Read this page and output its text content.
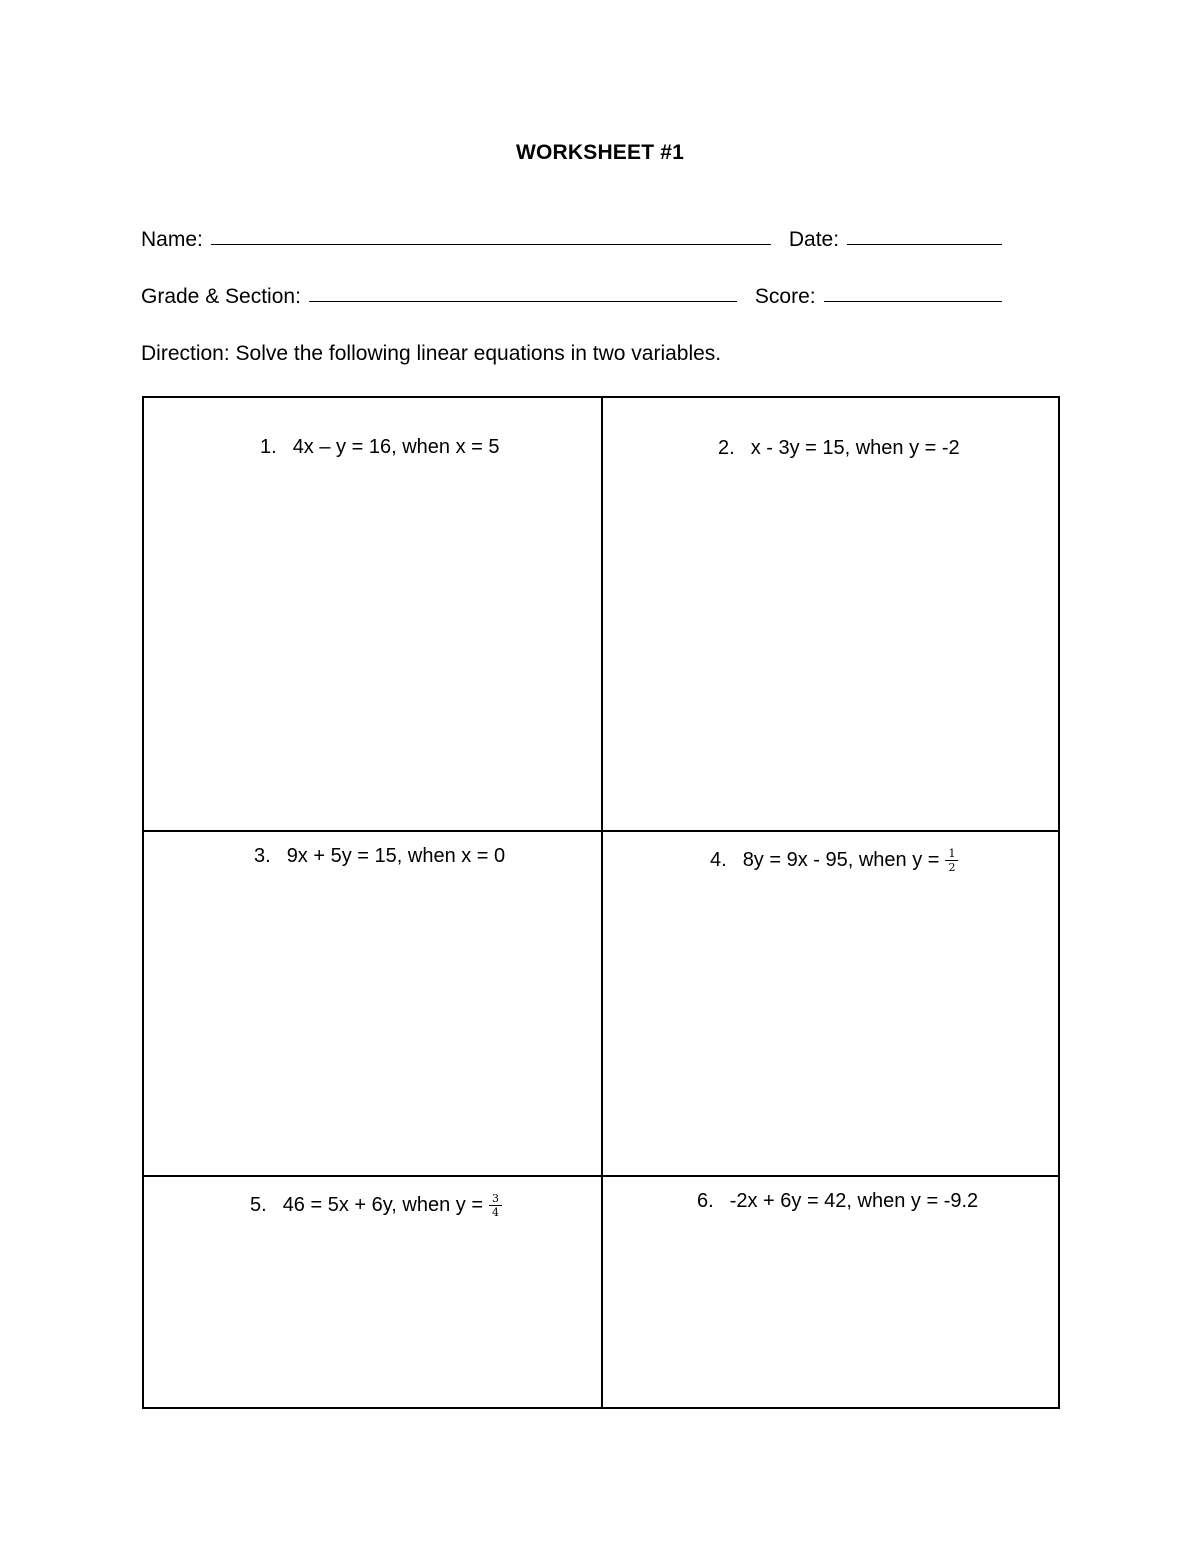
WORKSHEET #1
Name:	Date:
Grade & Section:	Score:
Direction: Solve the following linear equations in two variables.
1. 4x – y = 16, when x = 5	2. x - 3y = 15, when y = -2
3. 9x + 5y = 15, when x = 0	4. 8y = 9x - 95, when $y = \frac{1}{2}$
5. 46 = 5x + 6y, when $y = \frac{3}{4}$	6. -2x + 6y = 42, when y = -9.2
